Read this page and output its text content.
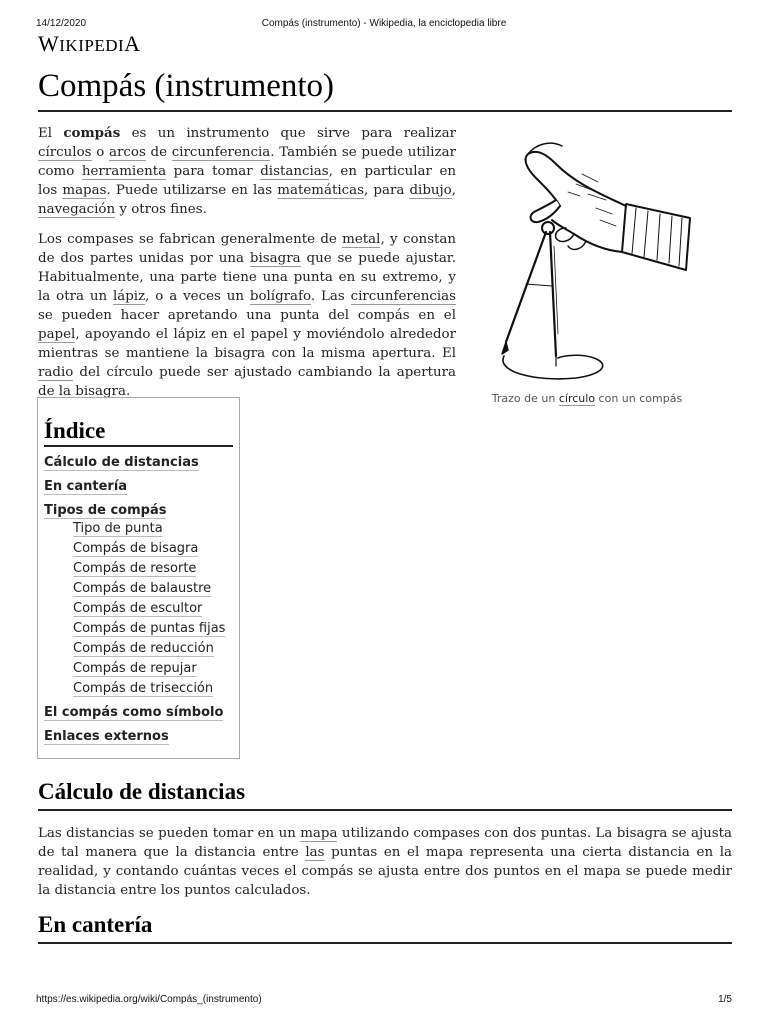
14/12/2020	Compás (instrumento) - Wikipedia, la enciclopedia libre
WIKIPEDIA
Compás (instrumento)

El compás es un instrumento que sirve para realizar círculos o arcos de circunferencia. También se puede utilizar como herramienta para tomar distancias, en particular en los mapas. Puede utilizarse en las matemáticas, para dibujo, navegación y otros fines.

Los compases se fabrican generalmente de metal, y constan de dos partes unidas por una bisagra que se puede ajustar. Habitualmente, una parte tiene una punta en su extremo, y la otra un lápiz, o a veces un bolígrafo. Las circunferencias se pueden hacer apretando una punta del compás en el papel, apoyando el lápiz en el papel y moviéndolo alrededor mientras se mantiene la bisagra con la misma apertura. El radio del círculo puede ser ajustado cambiando la apertura de la bisagra.	Trazo de un círculo con un compás
Índice
Cálculo de distancias
En cantería
Tipos de compás
Tipo de punta
Compás de bisagra
Compás de resorte
Compás de balaustre
Compás de escultor
Compás de puntas fijas
Compás de reducción
Compás de repujar
Compás de trisección
El compás como símbolo
Enlaces externos
Cálculo de distancias

Las distancias se pueden tomar en un mapa utilizando compases con dos puntas. La bisagra se ajusta de tal manera que la distancia entre las puntas en el mapa representa una cierta distancia en la realidad, y contando cuántas veces el compás se ajusta entre dos puntos en el mapa se puede medir la distancia entre los puntos calculados.

En cantería
https://es.wikipedia.org/wiki/Compás_(instrumento)	1/5
